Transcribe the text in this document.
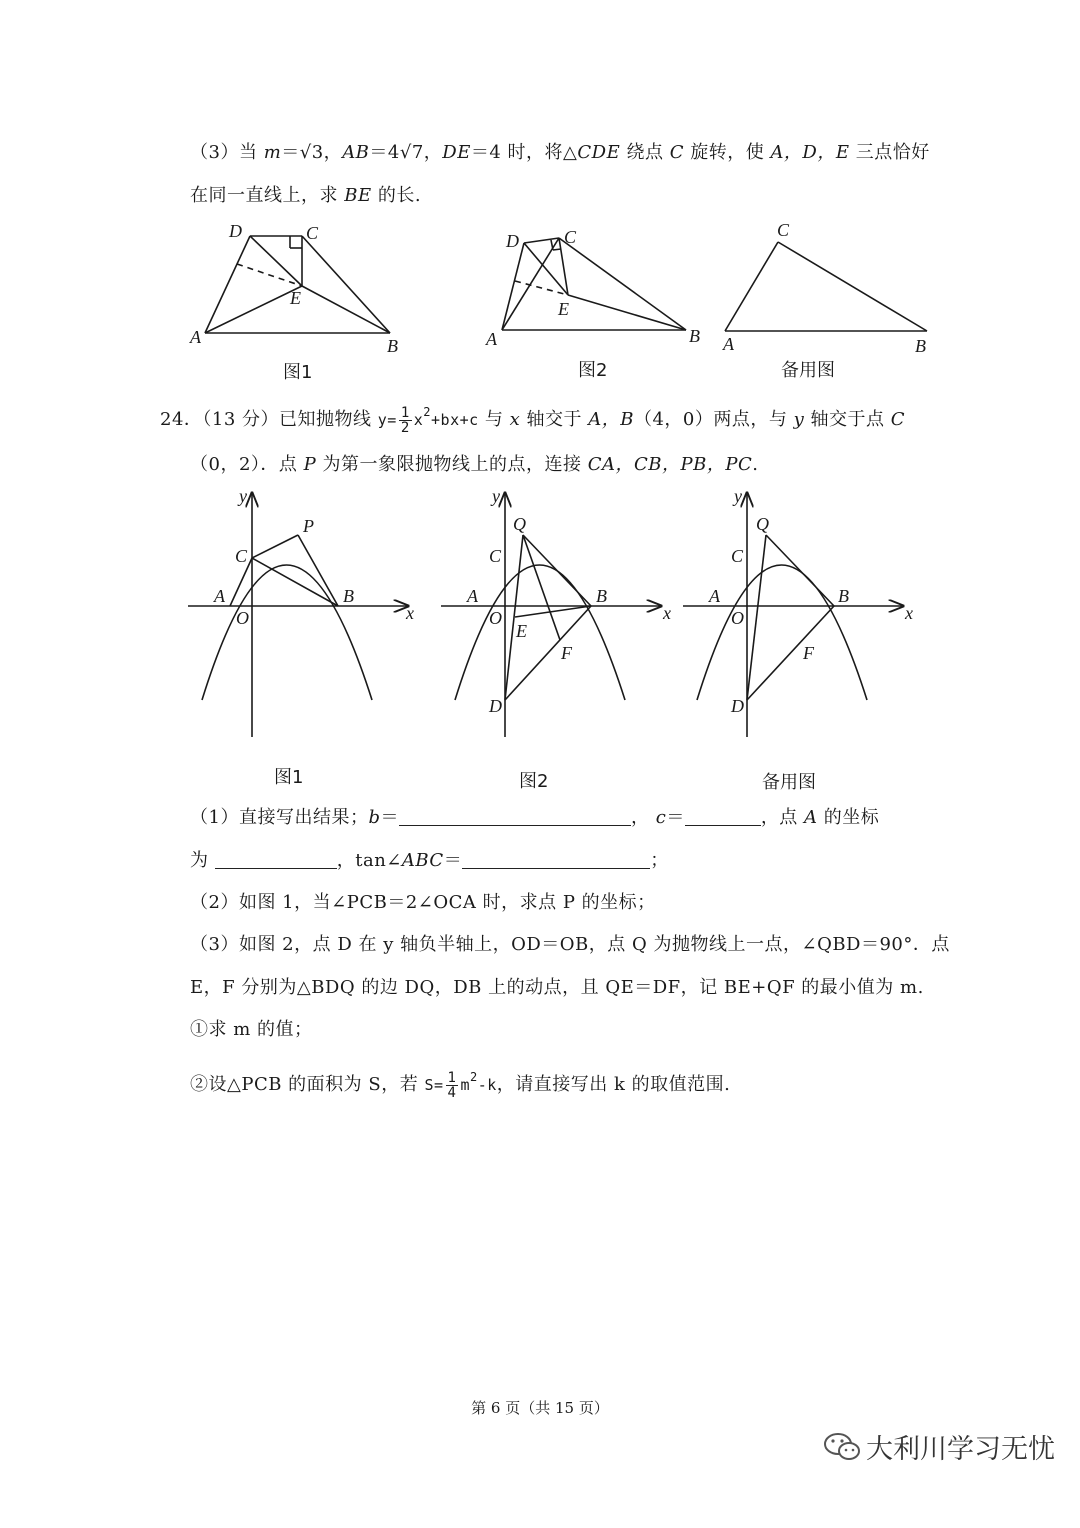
（3）当 m＝√3，AB＝4√7，DE＝4 时，将△CDE 绕点 C 旋转，使 A，D，E 三点恰好
在同一直线上，求 BE 的长.
D	C
E
A	B
D	C
E
A	B
C
A	B
图1	图2	备用图
24．（13 分）已知抛物线 $y= \frac{1}{2} x^2+bx+c$ 与 x 轴交于 A，B（4，0）两点，与 y 轴交于点 C
（0，2）．点 P 为第一象限抛物线上的点，连接 CA，CB，PB，PC.
y
x
O
A	B
C
P
y
x
O
A	B
C
Q
E
F
D
y
x
O
A	B
C
Q
F
D
图1	图2	备用图
（1）直接写出结果；b＝	， c＝	，点 A 的坐标
为	，tan∠ABC＝	；
（2）如图 1，当∠PCB＝2∠OCA 时，求点 P 的坐标；
（3）如图 2，点 D 在 y 轴负半轴上，OD＝OB，点 Q 为抛物线上一点，∠QBD＝90°．点
E，F 分别为△BDQ 的边 DQ，DB 上的动点，且 QE＝DF，记 BE+QF 的最小值为 m.
①求 m 的值；
②设△PCB 的面积为 S，若 $S= \frac{1}{4} m^2-k$，请直接写出 k 的取值范围.
第 6 页（共 15 页）
大利川学习无忧
